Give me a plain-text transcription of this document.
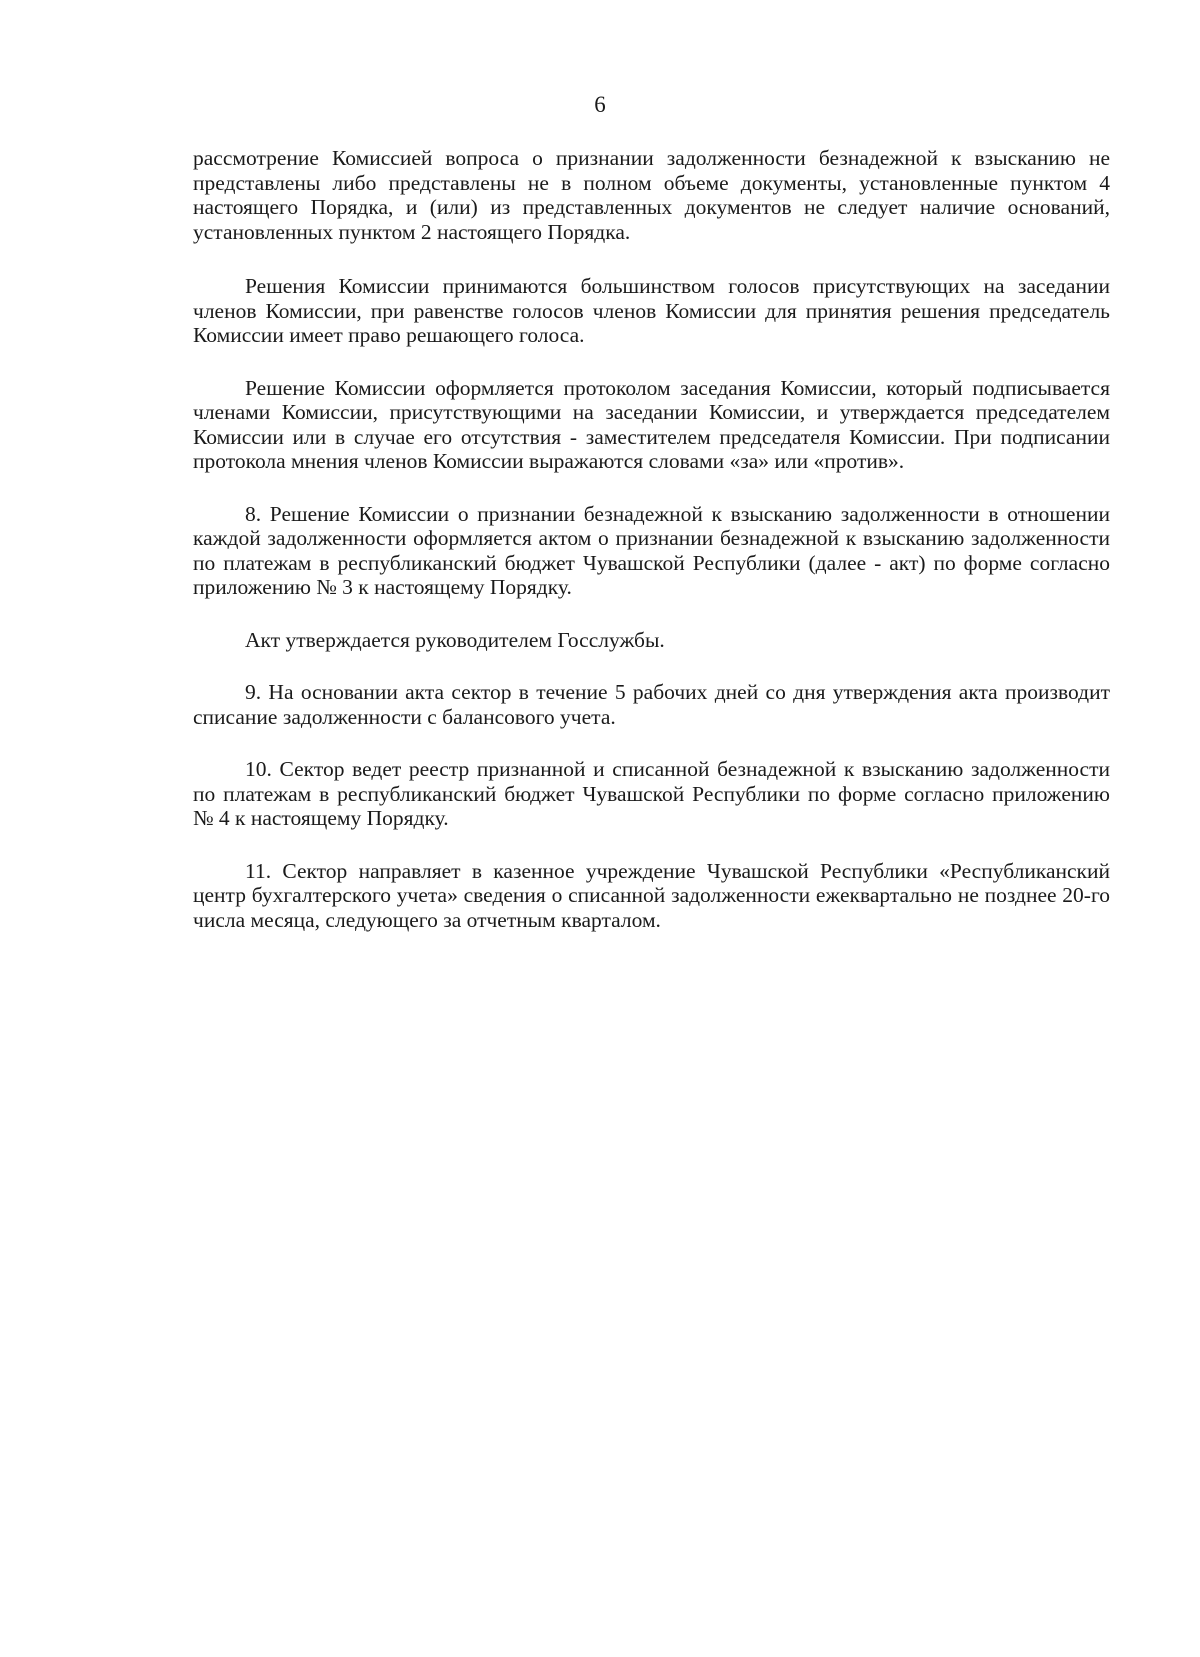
6

рассмотрение Комиссией вопроса о признании задолженности безнадежной к взысканию не представлены либо представлены не в полном объеме документы, установленные пунктом 4 настоящего Порядка, и (или) из представленных документов не следует наличие оснований, установленных пунктом 2 настоящего Порядка.

Решения Комиссии принимаются большинством голосов присутствующих на заседании членов Комиссии, при равенстве голосов членов Комиссии для принятия решения председатель Комиссии имеет право решающего голоса.

Решение Комиссии оформляется протоколом заседания Комиссии, который подписывается членами Комиссии, присутствующими на заседании Комиссии, и утверждается председателем Комиссии или в случае его отсутствия - заместителем председателя Комиссии. При подписании протокола мнения членов Комиссии выражаются словами «за» или «против».

8. Решение Комиссии о признании безнадежной к взысканию задолженности в отношении каждой задолженности оформляется актом о признании безнадежной к взысканию задолженности по платежам в республиканский бюджет Чувашской Республики (далее - акт) по форме согласно приложению № 3 к настоящему Порядку.

Акт утверждается руководителем Госслужбы.

9. На основании акта сектор в течение 5 рабочих дней со дня утверждения акта производит списание задолженности с балансового учета.

10. Сектор ведет реестр признанной и списанной безнадежной к взысканию задолженности по платежам в республиканский бюджет Чувашской Республики по форме согласно приложению № 4 к настоящему Порядку.

11. Сектор направляет в казенное учреждение Чувашской Республики «Республиканский центр бухгалтерского учета» сведения о списанной задолженности ежеквартально не позднее 20-го числа месяца, следующего за отчетным кварталом.
